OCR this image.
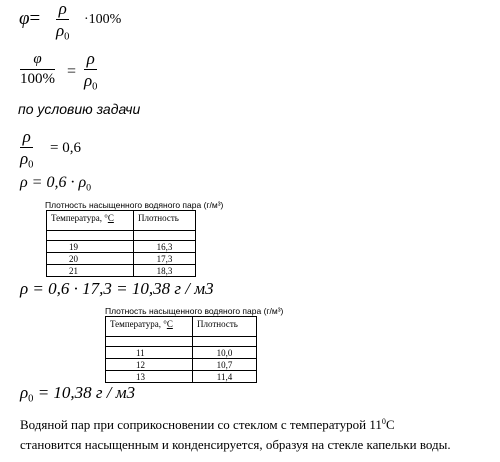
φ= ρ
$\rho_0$
·100%
φ
100% =
ρ
$\rho_0$
по условию задачи
ρ
$\rho_0$
= 0,6
$\rho = 0,6 \cdot \rho_0$
Плотность насыщенного водяного пара (г/м³)
Температура, °С	Плотность

19	16,3
20	17,3
21	18,3
ρ = 0,6 · 17,3 = 10,38 г / м3
Плотность насыщенного водяного пара (г/м³)
Температура, °С	Плотность

11	10,0
12	10,7
13	11,4
$\rho_0 = 10,38$ г / м3
Водяной пар при соприкосновении со стеклом с температурой $11^0С$
становится насыщенным и конденсируется, образуя на стекле капельки воды.
